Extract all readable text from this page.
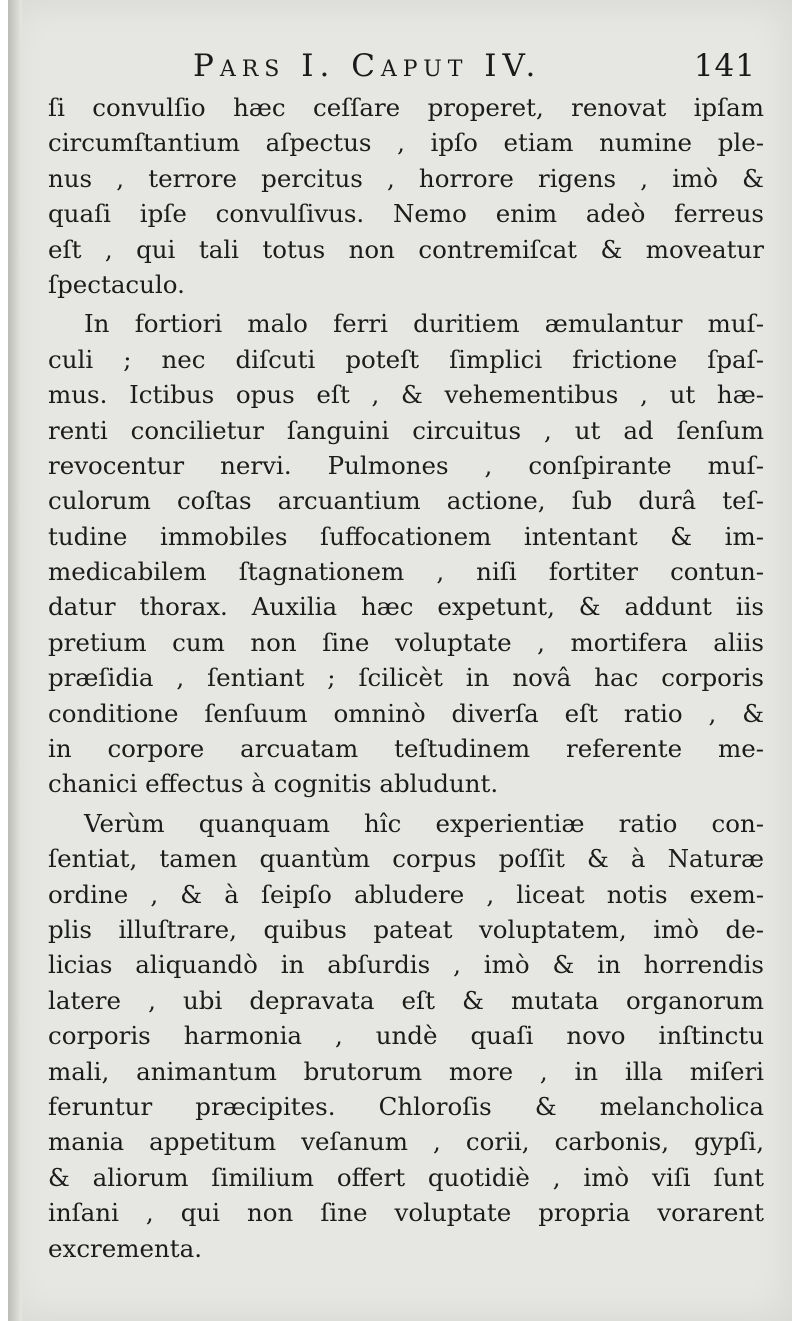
Pars I. Caput IV.	141
ſi convulſio hæc ceſſare properet, renovat ipſam
circumſtantium aſpectus , ipſo etiam numine ple-
nus , terrore percitus , horrore rigens , imò &
quaſi ipſe convulſivus. Nemo enim adeò ferreus
eſt , qui tali totus non contremiſcat & moveatur
ſpectaculo.
In fortiori malo ferri duritiem æmulantur muſ-
culi ; nec diſcuti poteſt ſimplici frictione ſpaſ-
mus. Ictibus opus eſt , & vehementibus , ut hæ-
renti concilietur ſanguini circuitus , ut ad ſenſum
revocentur nervi. Pulmones , conſpirante muſ-
culorum coſtas arcuantium actione, ſub durâ teſ-
tudine immobiles ſuffocationem intentant & im-
medicabilem ſtagnationem , niſi fortiter contun-
datur thorax. Auxilia hæc expetunt, & addunt iis
pretium cum non ſine voluptate , mortifera aliis
præſidia , ſentiant ; ſcilicèt in novâ hac corporis
conditione ſenſuum omninò diverſa eſt ratio , &
in corpore arcuatam teſtudinem referente me-
chanici effectus à cognitis abludunt.
Verùm quanquam hîc experientiæ ratio con-
ſentiat, tamen quantùm corpus poſſit & à Naturæ
ordine , & à ſeipſo abludere , liceat notis exem-
plis illuſtrare, quibus pateat voluptatem, imò de-
licias aliquandò in abſurdis , imò & in horrendis
latere , ubi depravata eſt & mutata organorum
corporis harmonia , undè quaſi novo inſtinctu
mali, animantum brutorum more , in illa miſeri
feruntur præcipites. Chloroſis & melancholica
mania appetitum veſanum , corii, carbonis, gypſi,
& aliorum ſimilium offert quotidiè , imò viſi ſunt
inſani , qui non ſine voluptate propria vorarent
excrementa.
